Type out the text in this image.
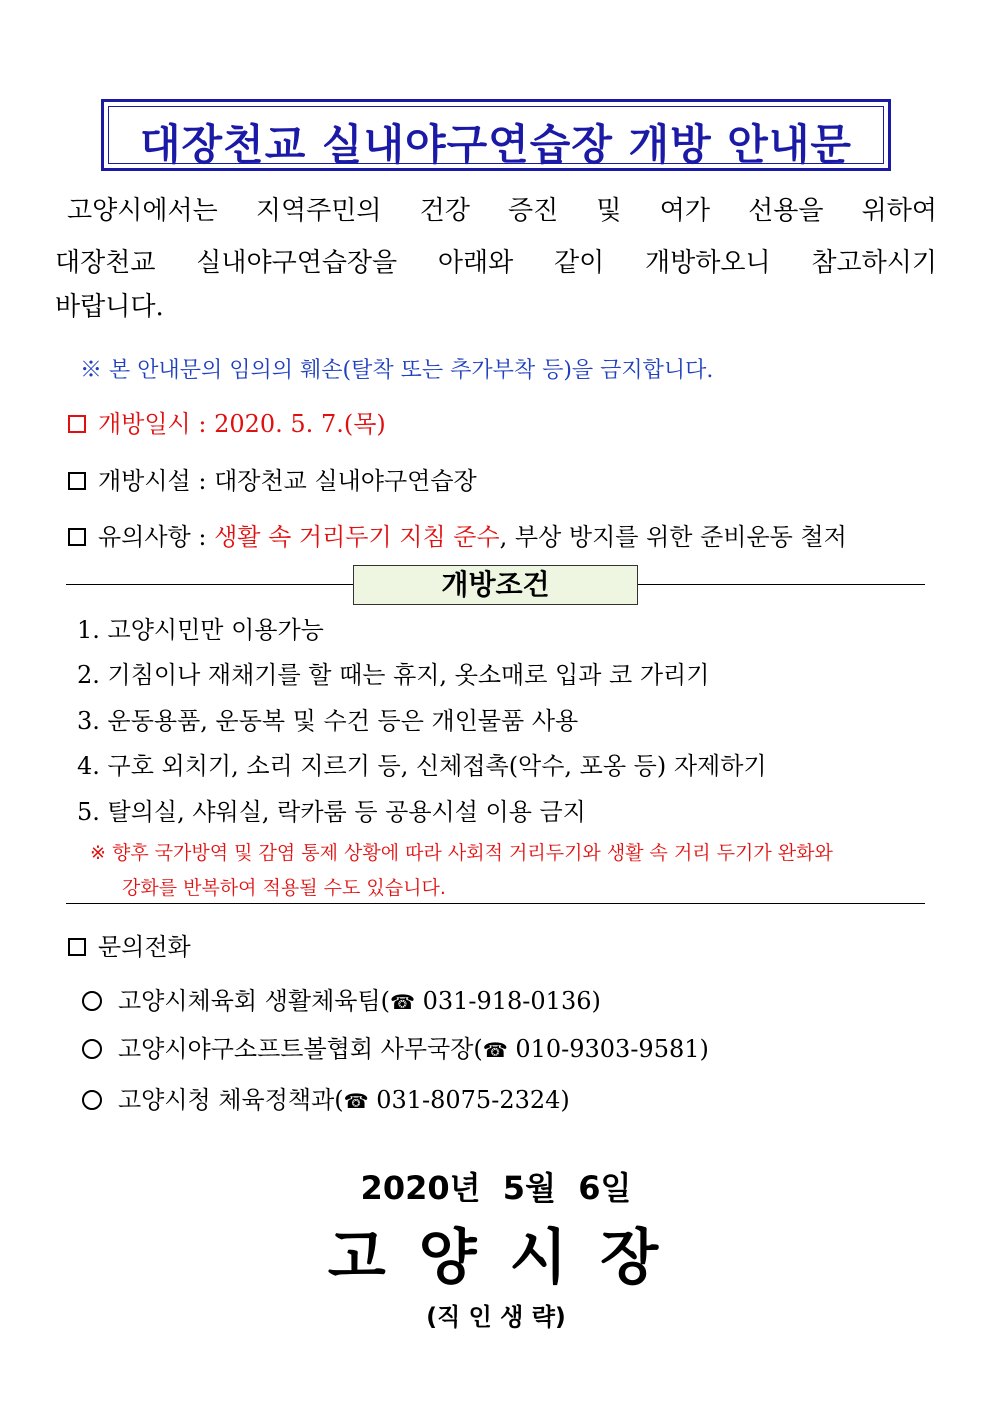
대장천교 실내야구연습장 개방 안내문
고양시에서는 지역주민의 건강 증진 및 여가 선용을 위하여
대장천교 실내야구연습장을 아래와 같이 개방하오니 참고하시기
바랍니다.
※ 본 안내문의 임의의 훼손(탈착 또는 추가부착 등)을 금지합니다.
개방일시 : 2020. 5. 7.(목)
개방시설 : 대장천교 실내야구연습장
유의사항 : 생활 속 거리두기 지침 준수, 부상 방지를 위한 준비운동 철저
개방조건
1. 고양시민만 이용가능
2. 기침이나 재채기를 할 때는 휴지, 옷소매로 입과 코 가리기
3. 운동용품, 운동복 및 수건 등은 개인물품 사용
4. 구호 외치기, 소리 지르기 등, 신체접촉(악수, 포옹 등) 자제하기
5. 탈의실, 샤워실, 락카룸 등 공용시설 이용 금지
※ 향후 국가방역 및 감염 통제 상황에 따라 사회적 거리두기와 생활 속 거리 두기가 완화와
강화를 반복하여 적용될 수도 있습니다.
문의전화
고양시체육회 생활체육팀(☎ 031-918-0136)
고양시야구소프트볼협회 사무국장(☎ 010-9303-9581)
고양시청 체육정책과(☎ 031-8075-2324)
2020년  5월  6일
고 양 시 장
(직 인 생 략)
